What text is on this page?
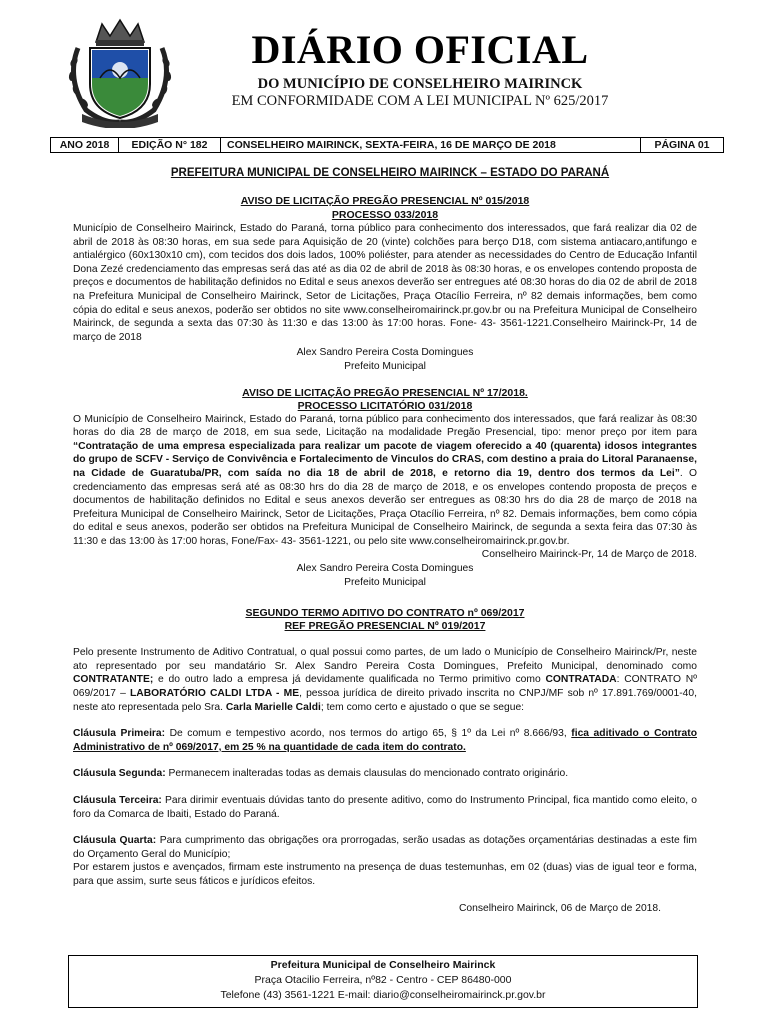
DIÁRIO OFICIAL
DO MUNICÍPIO DE CONSELHEIRO MAIRINCK
EM CONFORMIDADE COM A LEI MUNICIPAL Nº 625/2017
ANO 2018	EDIÇÃO N° 182	CONSELHEIRO MAIRINCK, SEXTA-FEIRA, 16 DE MARÇO DE 2018	PÁGINA 01
PREFEITURA MUNICIPAL DE CONSELHEIRO MAIRINCK – ESTADO DO PARANÁ
AVISO DE LICITAÇÃO PREGÃO PRESENCIAL Nº 015/2018
PROCESSO 033/2018

Município de Conselheiro Mairinck, Estado do Paraná, torna público para conhecimento dos interessados, que fará realizar dia 02 de abril de 2018 às 08:30 horas, em sua sede para Aquisição de 20 (vinte) colchões para berço D18, com sistema antiacaro,antifungo e antialérgico (60x130x10 cm), com tecidos dos dois lados, 100% poliéster, para atender as necessidades do Centro de Educação Infantil Dona Zezé credenciamento das empresas será das até as dia 02 de abril de 2018 às 08:30 horas, e os envelopes contendo proposta de preços e documentos de habilitação definidos no Edital e seus anexos deverão ser entregues até 08:30 horas do dia 02 de abril de 2018 na Prefeitura Municipal de Conselheiro Mairinck, Setor de Licitações, Praça Otacílio Ferreira, nº 82 demais informações, bem como cópia do edital e seus anexos, poderão ser obtidos no site www.conselheiromairinck.pr.gov.br ou na Prefeitura Municipal de Conselheiro Mairinck, de segunda a sexta das 07:30 às 11:30 e das 13:00 às 17:00 horas. Fone- 43- 3561-1221.Conselheiro Mairinck-Pr, 14 de março de 2018

Alex Sandro Pereira Costa Domingues
Prefeito Municipal
AVISO DE LICITAÇÃO PREGÃO PRESENCIAL Nº 17/2018.
PROCESSO LICITATÓRIO 031/2018

O Município de Conselheiro Mairinck, Estado do Paraná, torna público para conhecimento dos interessados, que fará realizar às 08:30 horas do dia 28 de março de 2018, em sua sede, Licitação na modalidade Pregão Presencial, tipo: menor preço por item para “Contratação de uma empresa especializada para realizar um pacote de viagem oferecido a 40 (quarenta) idosos integrantes do grupo de SCFV - Serviço de Convivência e Fortalecimento de Vinculos do CRAS, com destino a praia do Litoral Paranaense, na Cidade de Guaratuba/PR, com saída no dia 18 de abril de 2018, e retorno dia 19, dentro dos termos da Lei”. O credenciamento das empresas será até as 08:30 hrs do dia 28 de março de 2018, e os envelopes contendo proposta de preços e documentos de habilitação definidos no Edital e seus anexos deverão ser entregues as 08:30 hrs do dia 28 de março de 2018 na Prefeitura Municipal de Conselheiro Mairinck, Setor de Licitações, Praça Otacílio Ferreira, nº 82. Demais informações, bem como cópia do edital e seus anexos, poderão ser obtidos na Prefeitura Municipal de Conselheiro Mairinck, de segunda a sexta feira das 07:30 às 11:30 e das 13:00 às 17:00 horas, Fone/Fax- 43- 3561-1221, ou pelo site www.conselheiromairinck.pr.gov.br.

Conselheiro Mairinck-Pr, 14 de Março de 2018.
Alex Sandro Pereira Costa Domingues
Prefeito Municipal
SEGUNDO TERMO ADITIVO DO CONTRATO nº 069/2017
REF PREGÃO PRESENCIAL Nº 019/2017

Pelo presente Instrumento de Aditivo Contratual, o qual possui como partes, de um lado o Município de Conselheiro Mairinck/Pr, neste ato representado por seu mandatário Sr. Alex Sandro Pereira Costa Domingues, Prefeito Municipal, denominado como CONTRATANTE; e do outro lado a empresa já devidamente qualificada no Termo primitivo como CONTRATADA: CONTRATO Nº 069/2017 – LABORATÓRIO CALDI LTDA - ME, pessoa jurídica de direito privado inscrita no CNPJ/MF sob nº 17.891.769/0001-40, neste ato representada pelo Sra. Carla Marielle Caldi; tem como certo e ajustado o que se segue:

Cláusula Primeira: De comum e tempestivo acordo, nos termos do artigo 65, § 1º da Lei nº 8.666/93, fica aditivado o Contrato Administrativo de nº 069/2017, em 25 % na quantidade de cada item do contrato.

Cláusula Segunda: Permanecem inalteradas todas as demais clausulas do mencionado contrato originário.

Cláusula Terceira: Para dirimir eventuais dúvidas tanto do presente aditivo, como do Instrumento Principal, fica mantido como eleito, o foro da Comarca de Ibaiti, Estado do Paraná.

Cláusula Quarta: Para cumprimento das obrigações ora prorrogadas, serão usadas as dotações orçamentárias destinadas a este fim do Orçamento Geral do Município;

Por estarem justos e avençados, firmam este instrumento na presença de duas testemunhas, em 02 (duas) vias de igual teor e forma, para que assim, surte seus fáticos e jurídicos efeitos.

Conselheiro Mairinck, 06 de Março de 2018.
Prefeitura Municipal de Conselheiro Mairinck
Praça Otacilio Ferreira, nº82 - Centro - CEP 86480-000
Telefone (43) 3561-1221 E-mail: diario@conselheiromairinck.pr.gov.br
